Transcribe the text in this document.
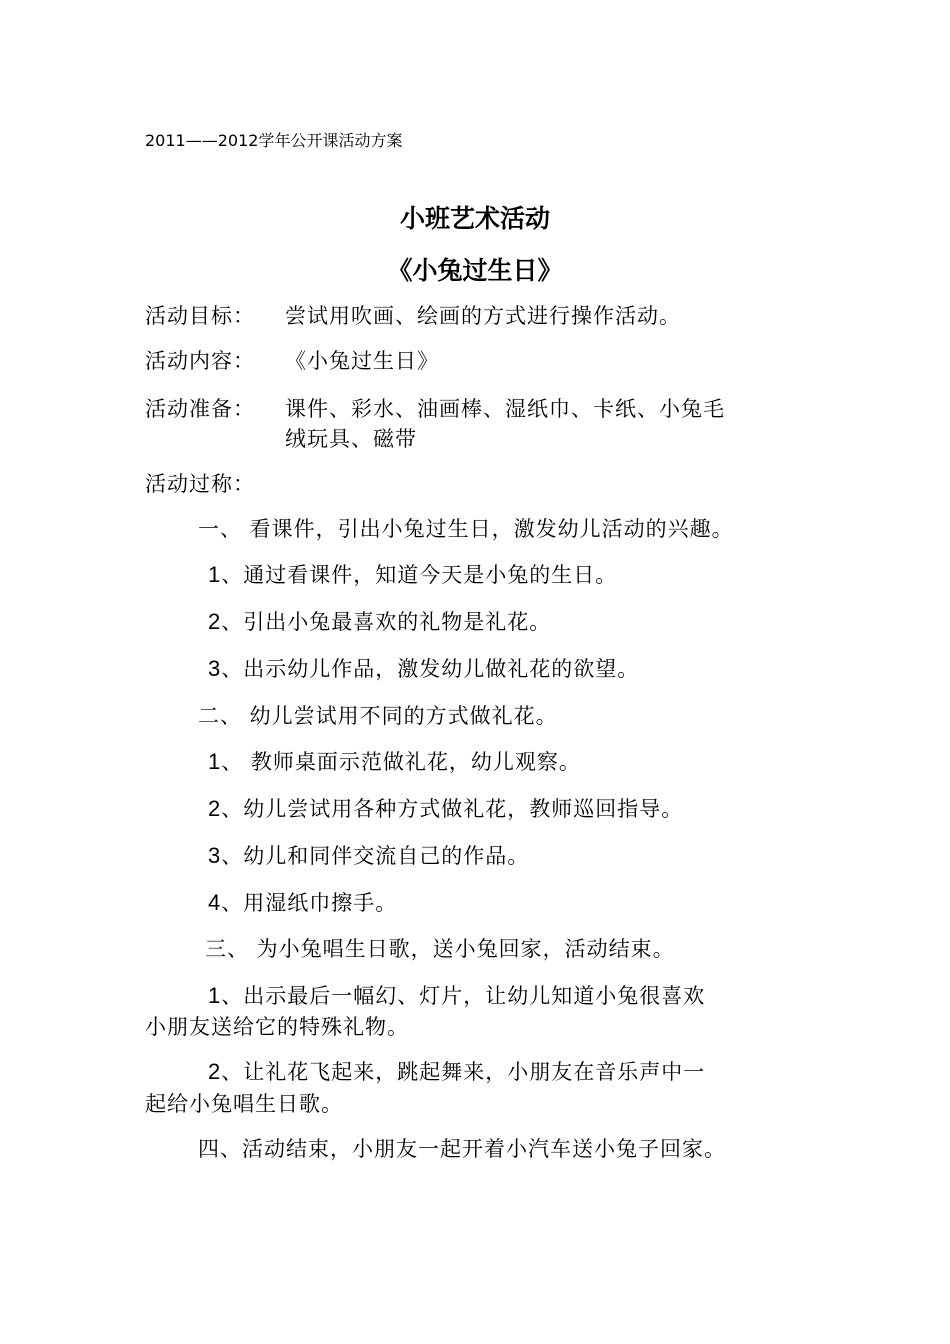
2011——2012学年公开课活动方案
小班艺术活动
《小兔过生日》
活动目标： 尝试用吹画、绘画的方式进行操作活动。
活动内容： 《小兔过生日》
活动准备： 课件、彩水、油画棒、湿纸巾、卡纸、小兔毛
绒玩具、磁带
活动过称：
一、 看课件，引出小兔过生日，激发幼儿活动的兴趣。
1、通过看课件，知道今天是小兔的生日。
2、引出小兔最喜欢的礼物是礼花。
3、出示幼儿作品，激发幼儿做礼花的欲望。
二、 幼儿尝试用不同的方式做礼花。
1、 教师桌面示范做礼花，幼儿观察。
2、幼儿尝试用各种方式做礼花，教师巡回指导。
3、幼儿和同伴交流自己的作品。
4、用湿纸巾擦手。
三、 为小兔唱生日歌，送小兔回家，活动结束。
1、出示最后一幅幻、灯片，让幼儿知道小兔很喜欢
小朋友送给它的特殊礼物。
2、让礼花飞起来，跳起舞来，小朋友在音乐声中一
起给小兔唱生日歌。
四、活动结束，小朋友一起开着小汽车送小兔子回家。
